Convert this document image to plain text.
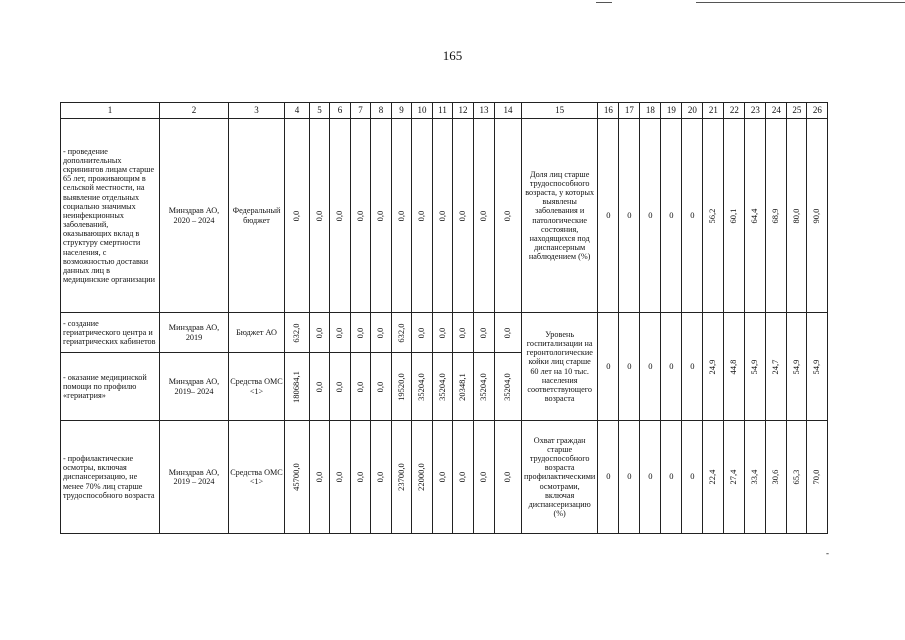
165
1	2	3	4	5	6	7	8	9	10	11	12	13	14	15	16	17	18	19	20	21	22	23	24	25	26
- проведение дополнительных скринингов лицам старше 65 лет, проживающим в сельской местности, на выявление отдельных социально значимых неинфекционных заболеваний, оказывающих вклад в структуру смертности населения, с возможностью доставки данных лиц в медицинские организации	Минздрав АО, 2020 – 2024	Федеральный бюджет	0,0	0,0	0,0	0,0	0,0	0,0	0,0	0,0	0,0	0,0	0,0	Доля лиц старше трудоспособного возраста, у которых выявлены заболевания и патологические состояния, находящихся под диспансерным наблюдением (%)	0	0	0	0	0	56,2	60,1	64,4	68,9	80,0	90,0

- создание гериатрического центра и гериатрических кабинетов	Минздрав АО, 2019	Бюджет АО	632,0	0,0	0,0	0,0	0,0	632,0	0,0	0,0	0,0	0,0	0,0	Уровень госпитализации на геронтологические койки лиц старше 60 лет на 10 тыс. населения соответствующего возраста	0	0	0	0	0	24,9	44,8	54,9	24,7	54,9	54,9

- оказание медицинской помощи по профилю «гериатрия»	Минздрав АО, 2019– 2024	Средства ОМС <1>	180684,1	0,0	0,0	0,0	0,0	19520,0	35204,0	35204,0	20348,1	35204,0	35204,0												

- профилактические осмотры, включая диспансеризацию, не менее 70% лиц старше трудоспособного возраста	Минздрав АО, 2019 – 2024	Средства ОМС <1>	45700,0	0,0	0,0	0,0	0,0	23700,0	22000,0	0,0	0,0	0,0	0,0	Охват граждан старше трудоспособного возраста профилактическими осмотрами, включая диспансеризацию (%)	0	0	0	0	0	22,4	27,4	33,4	30,6	65,3	70,0
-
